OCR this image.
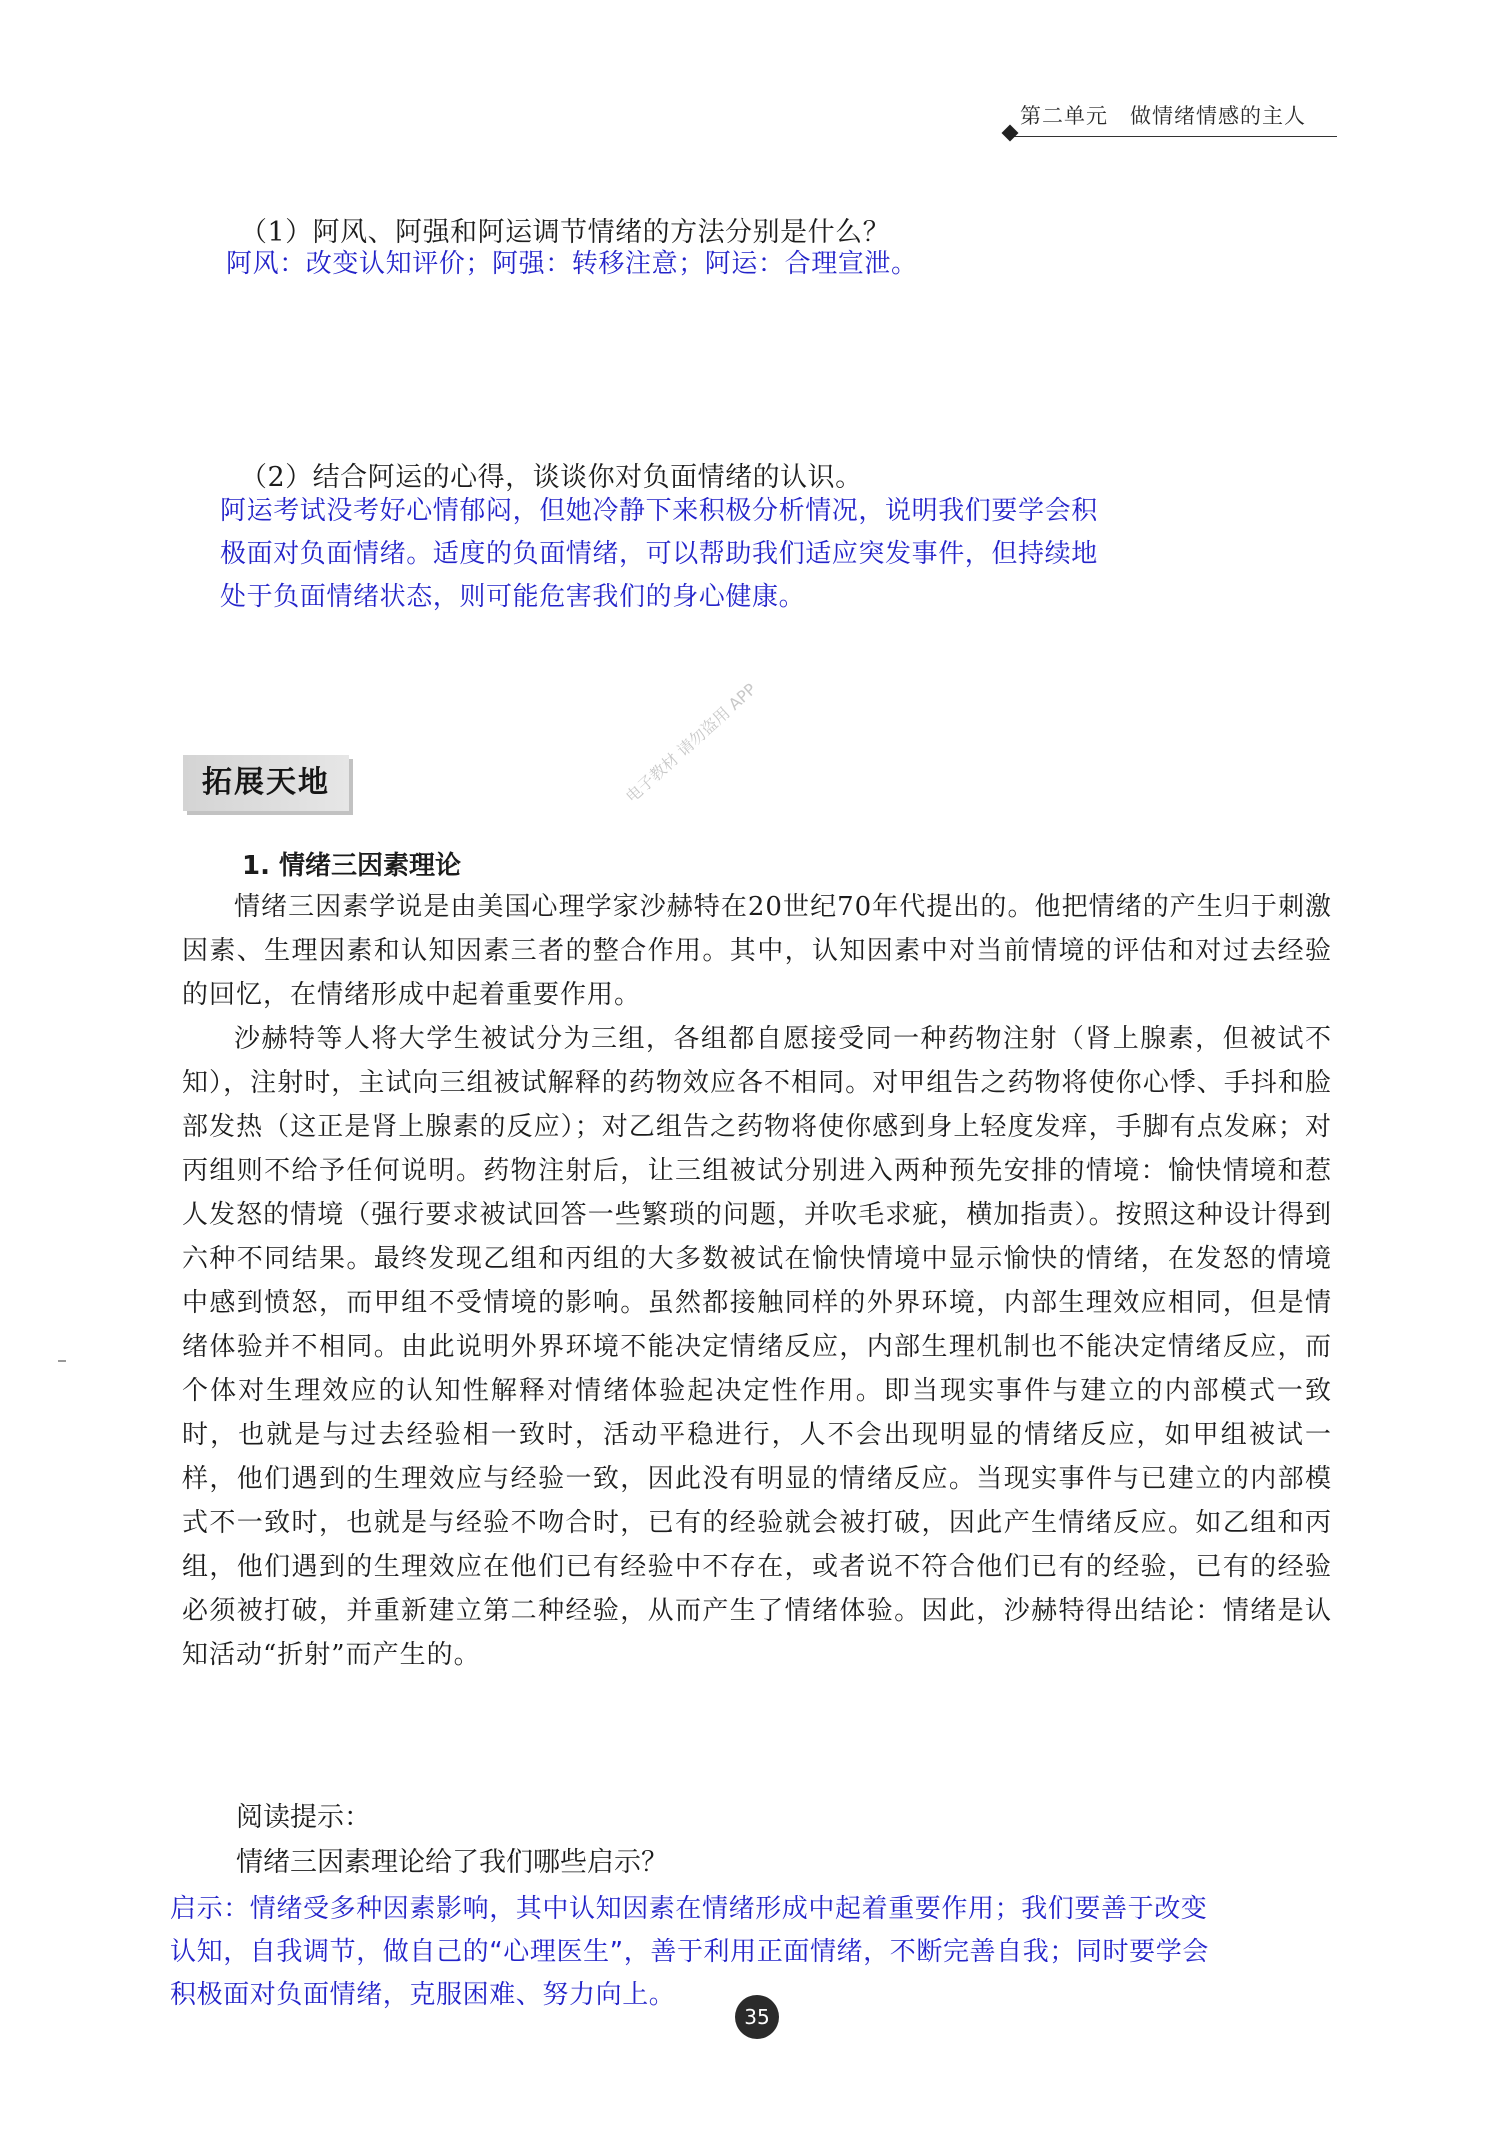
第二单元　做情绪情感的主人
（1）阿风、阿强和阿运调节情绪的方法分别是什么？

阿风：改变认知评价；阿强：转移注意；阿运：合理宣泄。

（2）结合阿运的心得，谈谈你对负面情绪的认识。

阿运考试没考好心情郁闷，但她冷静下来积极分析情况，说明我们要学会积

极面对负面情绪。适度的负面情绪，可以帮助我们适应突发事件，但持续地

处于负面情绪状态，则可能危害我们的身心健康。

拓展天地
1. 情绪三因素理论

情绪三因素学说是由美国心理学家沙赫特在20世纪70年代提出的。他把情绪的产生归于刺激因素、生理因素和认知因素三者的整合作用。其中，认知因素中对当前情境的评估和对过去经验的回忆，在情绪形成中起着重要作用。

沙赫特等人将大学生被试分为三组，各组都自愿接受同一种药物注射（肾上腺素，但被试不知），注射时，主试向三组被试解释的药物效应各不相同。对甲组告之药物将使你心悸、手抖和脸部发热（这正是肾上腺素的反应）；对乙组告之药物将使你感到身上轻度发痒，手脚有点发麻；对丙组则不给予任何说明。药物注射后，让三组被试分别进入两种预先安排的情境：愉快情境和惹人发怒的情境（强行要求被试回答一些繁琐的问题，并吹毛求疵，横加指责）。按照这种设计得到六种不同结果。最终发现乙组和丙组的大多数被试在愉快情境中显示愉快的情绪，在发怒的情境中感到愤怒，而甲组不受情境的影响。虽然都接触同样的外界环境，内部生理效应相同，但是情绪体验并不相同。由此说明外界环境不能决定情绪反应，内部生理机制也不能决定情绪反应，而个体对生理效应的认知性解释对情绪体验起决定性作用。即当现实事件与建立的内部模式一致时，也就是与过去经验相一致时，活动平稳进行，人不会出现明显的情绪反应，如甲组被试一样，他们遇到的生理效应与经验一致，因此没有明显的情绪反应。当现实事件与已建立的内部模式不一致时，也就是与经验不吻合时，已有的经验就会被打破，因此产生情绪反应。如乙组和丙组，他们遇到的生理效应在他们已有经验中不存在，或者说不符合他们已有的经验，已有的经验必须被打破，并重新建立第二种经验，从而产生了情绪体验。因此，沙赫特得出结论：情绪是认知活动“折射”而产生的。

阅读提示：
情绪三因素理论给了我们哪些启示？

启示：情绪受多种因素影响，其中认知因素在情绪形成中起着重要作用；我们要善于改变

认知，自我调节，做自己的“心理医生”，善于利用正面情绪，不断完善自我；同时要学会

积极面对负面情绪，克服困难、努力向上。

35
电子教材 请勿盗用 APP
